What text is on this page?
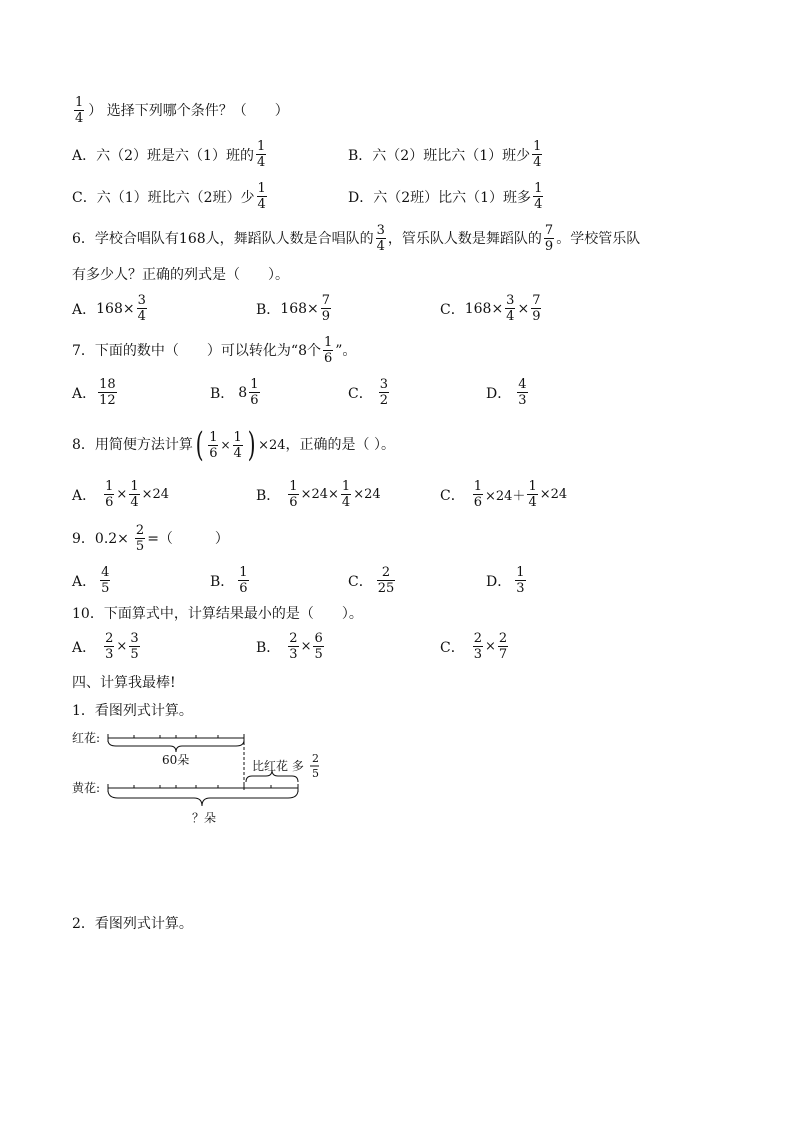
$\frac{1}{4}$ ） 选择下列哪个条件？（　　）
A． 六（2）班是六（1）班的 $\frac{1}{4}$	B． 六（2）班比六（1）班少 $\frac{1}{4}$
C． 六（1）班比六（2班）少 $\frac{1}{4}$	D． 六（2班）比六（1）班多 $\frac{1}{4}$
6．学校合唱队有168人，舞蹈队人数是合唱队的 $\frac{3}{4}$ ，管乐队人数是舞蹈队的 $\frac{7}{9}$ 。学校管乐队
有多少人？正确的列式是（　　）。
A． $168\times \frac{3}{4}$	B． $168\times \frac{7}{9}$	C． $168\times \frac{3}{4} \times \frac{7}{9}$
7．下面的数中（　　）可以转化为“8个 $\frac{1}{6}$ ”。
A． $\frac{18}{12}$	B． $8 \frac{1}{6}$	C． $\frac{3}{2}$	D． $\frac{4}{3}$
8．用简便方法计算 ( $\frac{1}{6} \times \frac{1}{4}$ ) ×24 ，正确的是（ ）。
A． $\frac{1}{6} \times \frac{1}{4} \times 24$	B． $\frac{1}{6} \times 24\times \frac{1}{4} \times 24$	C． $\frac{1}{6} \times 24+ \frac{1}{4} \times 24$
9．$0.2\times \frac{2}{5}$ =（　　　）
A． $\frac{4}{5}$	B． $\frac{1}{6}$	C． $\frac{2}{25}$	D． $\frac{1}{3}$
10．下面算式中，计算结果最小的是（　　）。
A． $\frac{2}{3} \times \frac{3}{5}$	B． $\frac{2}{3} \times \frac{6}{5}$	C． $\frac{2}{3} \times \frac{2}{7}$
四、计算我最棒!
1．看图列式计算。
红花:
60朵	比红花 多
2
5
黄花:
？朵
2．看图列式计算。
